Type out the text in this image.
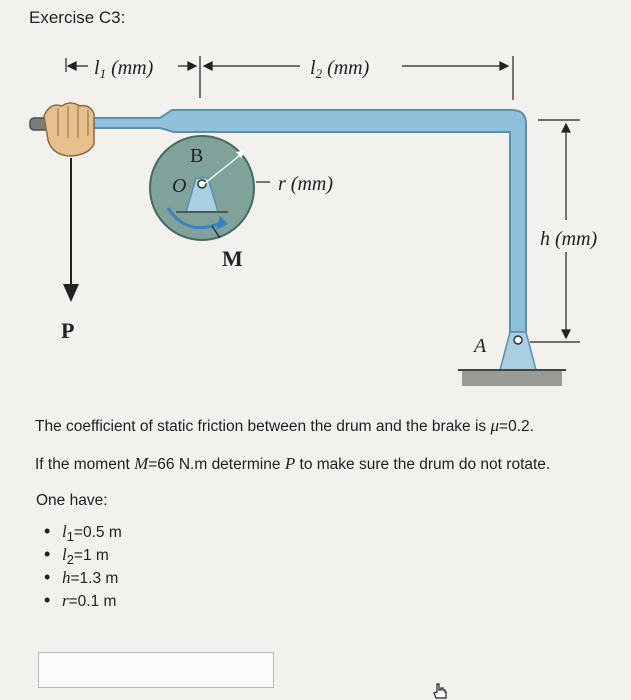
Exercise C3:
$l_1$ (mm)	$l_2$ (mm)
P
B
O	r (mm)
M
h (mm)
A
The coefficient of static friction between the drum and the brake is μ=0.2.
If the moment M=66 N.m determine P to make sure the drum do not rotate.
One have:
• $l_1=0.5$ m
• $l_2=1$ m
• h=1.3 m
• r=0.1 m
